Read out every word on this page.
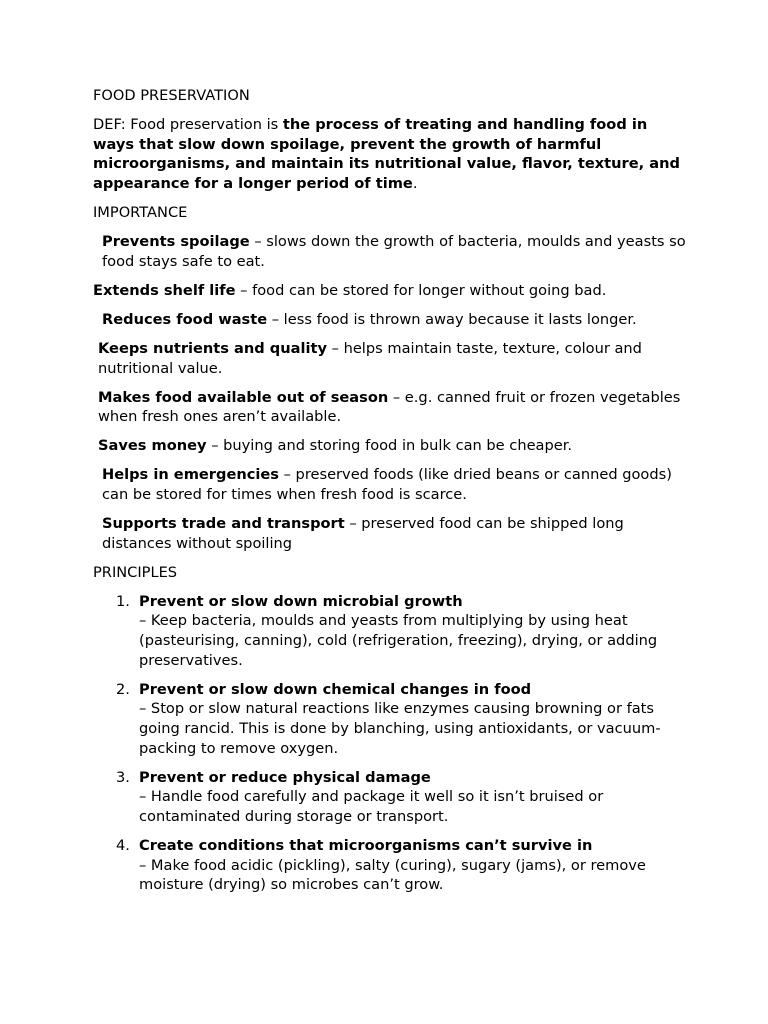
FOOD PRESERVATION

DEF: Food preservation is the process of treating and handling food in ways that slow down spoilage, prevent the growth of harmful microorganisms, and maintain its nutritional value, flavor, texture, and appearance for a longer period of time.

IMPORTANCE

Prevents spoilage – slows down the growth of bacteria, moulds and yeasts so food stays safe to eat.

Extends shelf life – food can be stored for longer without going bad.

Reduces food waste – less food is thrown away because it lasts longer.

Keeps nutrients and quality – helps maintain taste, texture, colour and nutritional value.

Makes food available out of season – e.g. canned fruit or frozen vegetables when fresh ones aren’t available.

Saves money – buying and storing food in bulk can be cheaper.

Helps in emergencies – preserved foods (like dried beans or canned goods) can be stored for times when fresh food is scarce.

Supports trade and transport – preserved food can be shipped long distances without spoiling

PRINCIPLES

1. Prevent or slow down microbial growth
– Keep bacteria, moulds and yeasts from multiplying by using heat (pasteurising, canning), cold (refrigeration, freezing), drying, or adding preservatives.
2. Prevent or slow down chemical changes in food
– Stop or slow natural reactions like enzymes causing browning or fats going rancid. This is done by blanching, using antioxidants, or vacuum-packing to remove oxygen.
3. Prevent or reduce physical damage
– Handle food carefully and package it well so it isn’t bruised or contaminated during storage or transport.
4. Create conditions that microorganisms can’t survive in
– Make food acidic (pickling), salty (curing), sugary (jams), or remove moisture (drying) so microbes can’t grow.
